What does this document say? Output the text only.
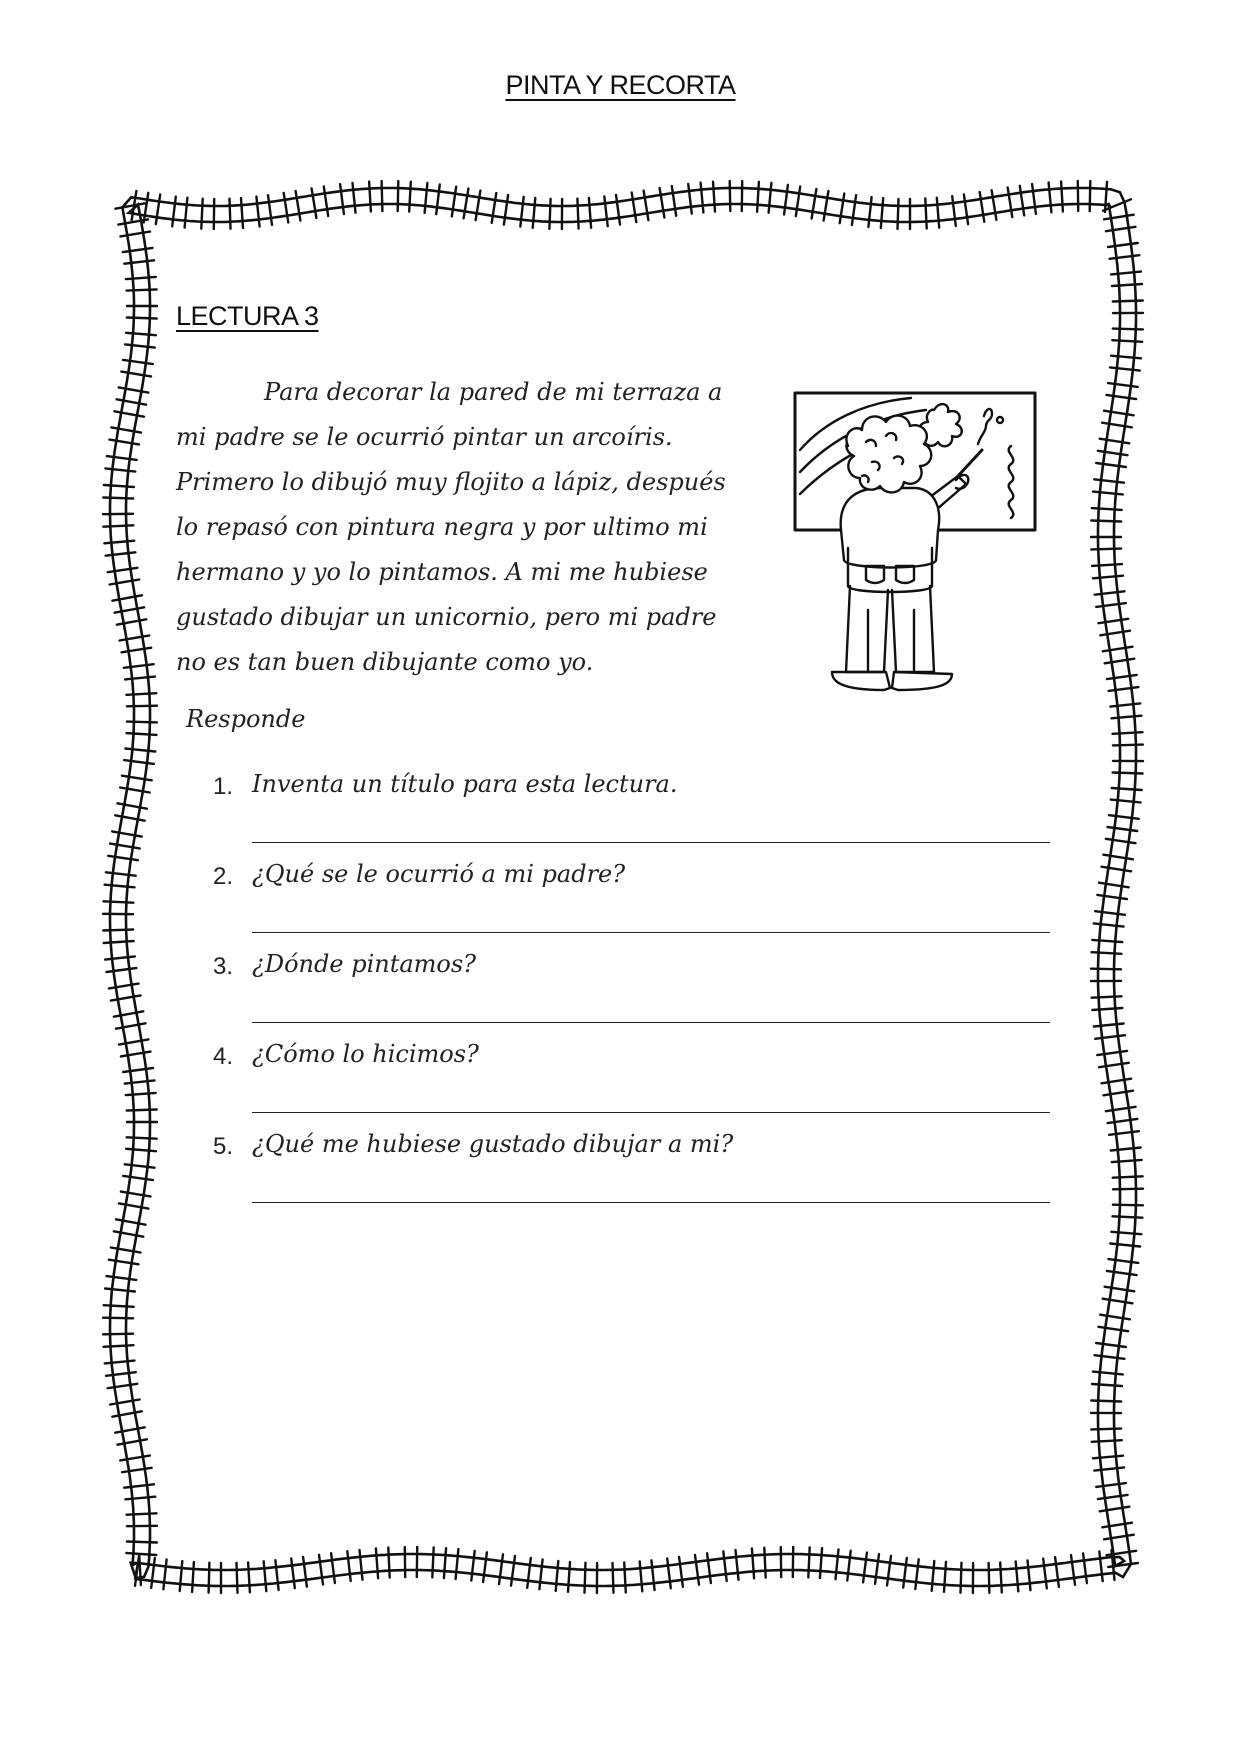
PINTA Y RECORTA
LECTURA 3
Para decorar la pared de mi terraza a
mi padre se le ocurrió pintar un arcoíris.
Primero lo dibujó muy flojito a lápiz, después
lo repasó con pintura negra y por ultimo mi
hermano y yo lo pintamos. A mi me hubiese
gustado dibujar un unicornio, pero mi padre
no es tan buen dibujante como yo.
Responde
1. Inventa un título para esta lectura.
2. ¿Qué se le ocurrió a mi padre?
3. ¿Dónde pintamos?
4. ¿Cómo lo hicimos?
5. ¿Qué me hubiese gustado dibujar a mi?
